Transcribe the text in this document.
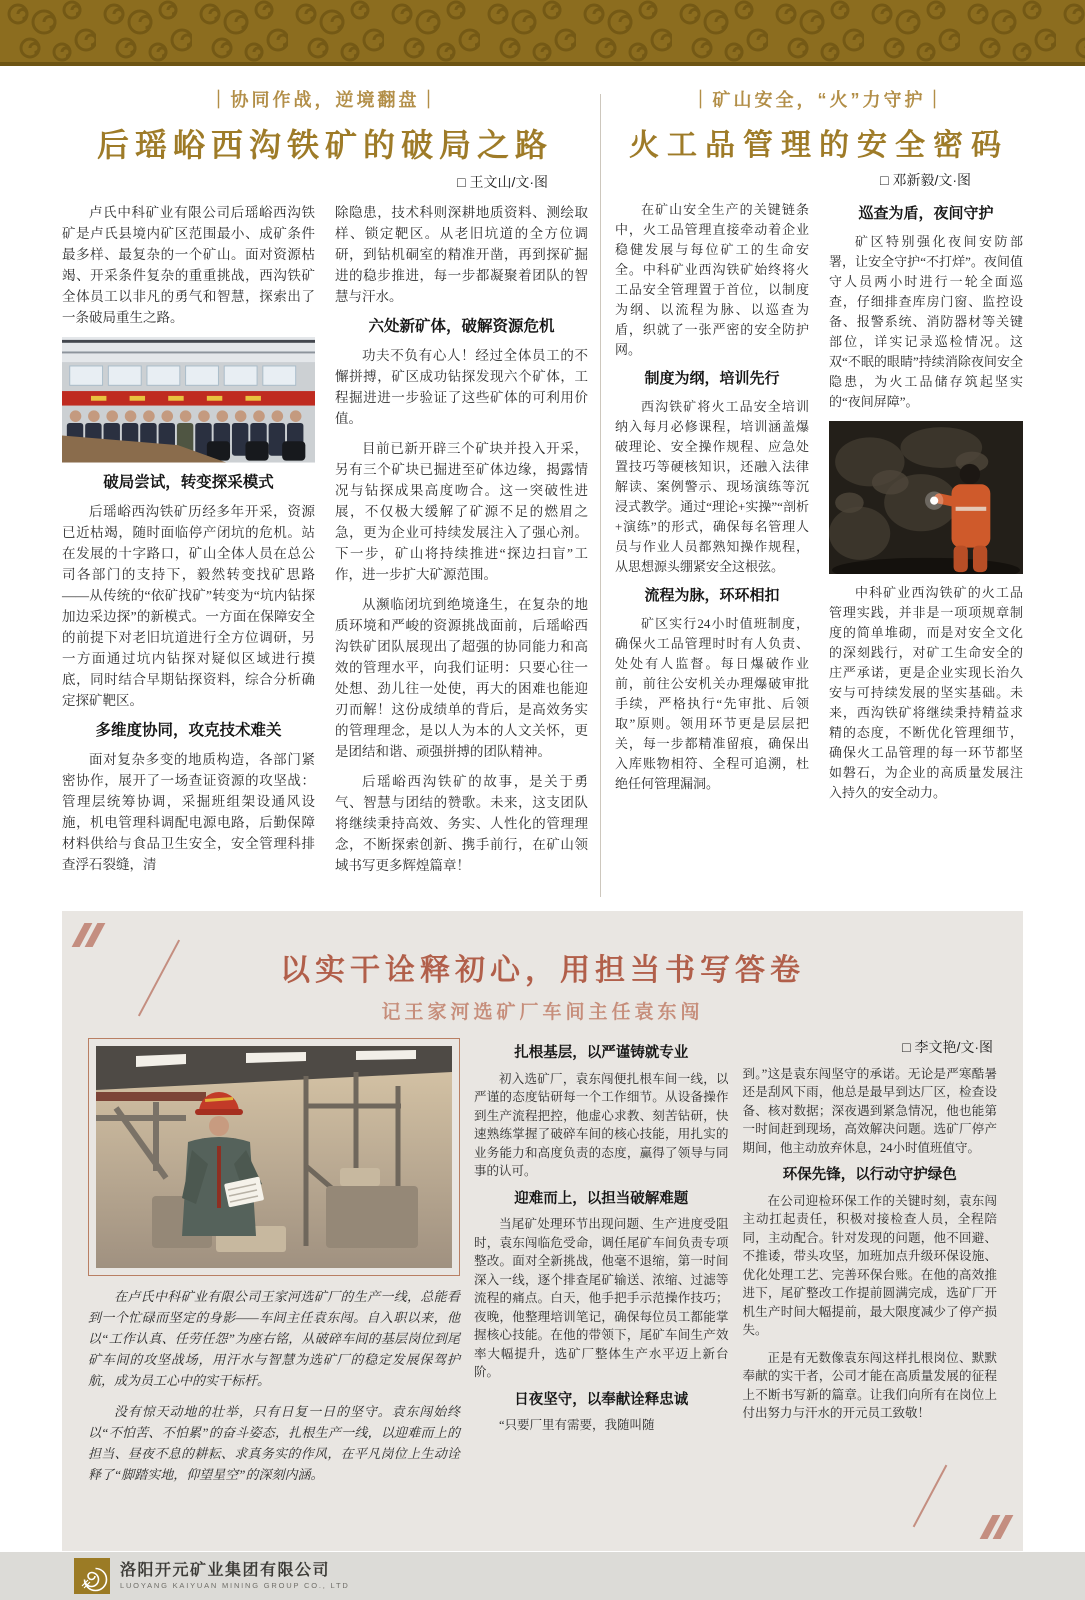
｜协同作战，逆境翻盘｜
后瑶峪西沟铁矿的破局之路
□ 王文山/文·图

卢氏中科矿业有限公司后瑶峪西沟铁矿是卢氏县境内矿区范围最小、成矿条件最多样、最复杂的一个矿山。面对资源枯竭、开采条件复杂的重重挑战，西沟铁矿全体员工以非凡的勇气和智慧，探索出了一条破局重生之路。

破局尝试，转变探采模式

后瑶峪西沟铁矿历经多年开采，资源已近枯竭，随时面临停产闭坑的危机。站在发展的十字路口，矿山全体人员在总公司各部门的支持下，毅然转变找矿思路——从传统的“依矿找矿”转变为“坑内钻探加边采边探”的新模式。一方面在保障安全的前提下对老旧坑道进行全方位调研，另一方面通过坑内钻探对疑似区域进行摸底，同时结合早期钻探资料，综合分析确定探矿靶区。

多维度协同，攻克技术难关

面对复杂多变的地质构造，各部门紧密协作，展开了一场查证资源的攻坚战：管理层统筹协调，采掘班组架设通风设施，机电管理科调配电源电路，后勤保障材料供给与食品卫生安全，安全管理科排查浮石裂缝，清

除隐患，技术科则深耕地质资料、测绘取样、锁定靶区。从老旧坑道的全方位调研，到钻机硐室的精准开凿，再到探矿掘进的稳步推进，每一步都凝聚着团队的智慧与汗水。

六处新矿体，破解资源危机

功夫不负有心人！经过全体员工的不懈拼搏，矿区成功钻探发现六个矿体，工程掘进进一步验证了这些矿体的可利用价值。

目前已新开辟三个矿块并投入开采，另有三个矿块已掘进至矿体边缘，揭露情况与钻探成果高度吻合。这一突破性进展，不仅极大缓解了矿源不足的燃眉之急，更为企业可持续发展注入了强心剂。下一步，矿山将持续推进“探边扫盲”工作，进一步扩大矿源范围。

从濒临闭坑到绝境逢生，在复杂的地质环境和严峻的资源挑战面前，后瑶峪西沟铁矿团队展现出了超强的协同能力和高效的管理水平，向我们证明：只要心往一处想、劲儿往一处使，再大的困难也能迎刃而解！这份成绩单的背后，是高效务实的管理理念，是以人为本的人文关怀，更是团结和谐、顽强拼搏的团队精神。

后瑶峪西沟铁矿的故事，是关于勇气、智慧与团结的赞歌。未来，这支团队将继续秉持高效、务实、人性化的管理理念，不断探索创新、携手前行，在矿山领域书写更多辉煌篇章！

｜矿山安全，“火”力守护｜
火工品管理的安全密码
□ 邓新毅/文·图

在矿山安全生产的关键链条中，火工品管理直接牵动着企业稳健发展与每位矿工的生命安全。中科矿业西沟铁矿始终将火工品安全管理置于首位，以制度为纲、以流程为脉、以巡查为盾，织就了一张严密的安全防护网。

制度为纲，培训先行

西沟铁矿将火工品安全培训纳入每月必修课程，培训涵盖爆破理论、安全操作规程、应急处置技巧等硬核知识，还融入法律解读、案例警示、现场演练等沉浸式教学。通过“理论+实操”“剖析+演练”的形式，确保每名管理人员与作业人员都熟知操作规程，从思想源头绷紧安全这根弦。

流程为脉，环环相扣

矿区实行24小时值班制度，确保火工品管理时时有人负责、处处有人监督。每日爆破作业前，前往公安机关办理爆破审批手续，严格执行“先审批、后领取”原则。领用环节更是层层把关，每一步都精准留痕，确保出入库账物相符、全程可追溯，杜绝任何管理漏洞。

巡查为盾，夜间守护

矿区特别强化夜间安防部署，让安全守护“不打烊”。夜间值守人员两小时进行一轮全面巡查，仔细排查库房门窗、监控设备、报警系统、消防器材等关键部位，详实记录巡检情况。这双“不眠的眼睛”持续消除夜间安全隐患，为火工品储存筑起坚实的“夜间屏障”。

中科矿业西沟铁矿的火工品管理实践，并非是一项项规章制度的简单堆砌，而是对安全文化的深刻践行，对矿工生命安全的庄严承诺，更是企业实现长治久安与可持续发展的坚实基础。未来，西沟铁矿将继续秉持精益求精的态度，不断优化管理细节，确保火工品管理的每一环节都坚如磐石，为企业的高质量发展注入持久的安全动力。

以实干诠释初心，用担当书写答卷
记王家河选矿厂车间主任袁东闯

在卢氏中科矿业有限公司王家河选矿厂的生产一线，总能看到一个忙碌而坚定的身影——车间主任袁东闯。自入职以来，他以“工作认真、任劳任怨”为座右铭，从破碎车间的基层岗位到尾矿车间的攻坚战场，用汗水与智慧为选矿厂的稳定发展保驾护航，成为员工心中的实干标杆。

没有惊天动地的壮举，只有日复一日的坚守。袁东闯始终以“不怕苦、不怕累”的奋斗姿态，扎根生产一线，以迎难而上的担当、昼夜不息的耕耘、求真务实的作风，在平凡岗位上生动诠释了“脚踏实地，仰望星空”的深刻内涵。

扎根基层，以严谨铸就专业

初入选矿厂，袁东闯便扎根车间一线，以严谨的态度钻研每一个工作细节。从设备操作到生产流程把控，他虚心求教、刻苦钻研，快速熟练掌握了破碎车间的核心技能，用扎实的业务能力和高度负责的态度，赢得了领导与同事的认可。

迎难而上，以担当破解难题

当尾矿处理环节出现问题、生产进度受阻时，袁东闯临危受命，调任尾矿车间负责专项整改。面对全新挑战，他毫不退缩，第一时间深入一线，逐个排查尾矿输送、浓缩、过滤等流程的痛点。白天，他手把手示范操作技巧；夜晚，他整理培训笔记，确保每位员工都能掌握核心技能。在他的带领下，尾矿车间生产效率大幅提升，选矿厂整体生产水平迈上新台阶。

日夜坚守，以奉献诠释忠诚

“只要厂里有需要，我随叫随

□ 李文艳/文·图

到。”这是袁东闯坚守的承诺。无论是严寒酷暑还是刮风下雨，他总是最早到达厂区，检查设备、核对数据；深夜遇到紧急情况，他也能第一时间赶到现场，高效解决问题。选矿厂停产期间，他主动放弃休息，24小时值班值守。

环保先锋，以行动守护绿色

在公司迎检环保工作的关键时刻，袁东闯主动扛起责任，积极对接检查人员，全程陪同，主动配合。针对发现的问题，他不回避、不推诿，带头攻坚，加班加点升级环保设施、优化处理工艺、完善环保台账。在他的高效推进下，尾矿整改工作提前圆满完成，选矿厂开机生产时间大幅提前，最大限度减少了停产损失。

正是有无数像袁东闯这样扎根岗位、默默奉献的实干者，公司才能在高质量发展的征程上不断书写新的篇章。让我们向所有在岗位上付出努力与汗水的开元员工致敬！

洛阳开元矿业集团有限公司
LUOYANG KAIYUAN MINING GROUP CO., LTD
